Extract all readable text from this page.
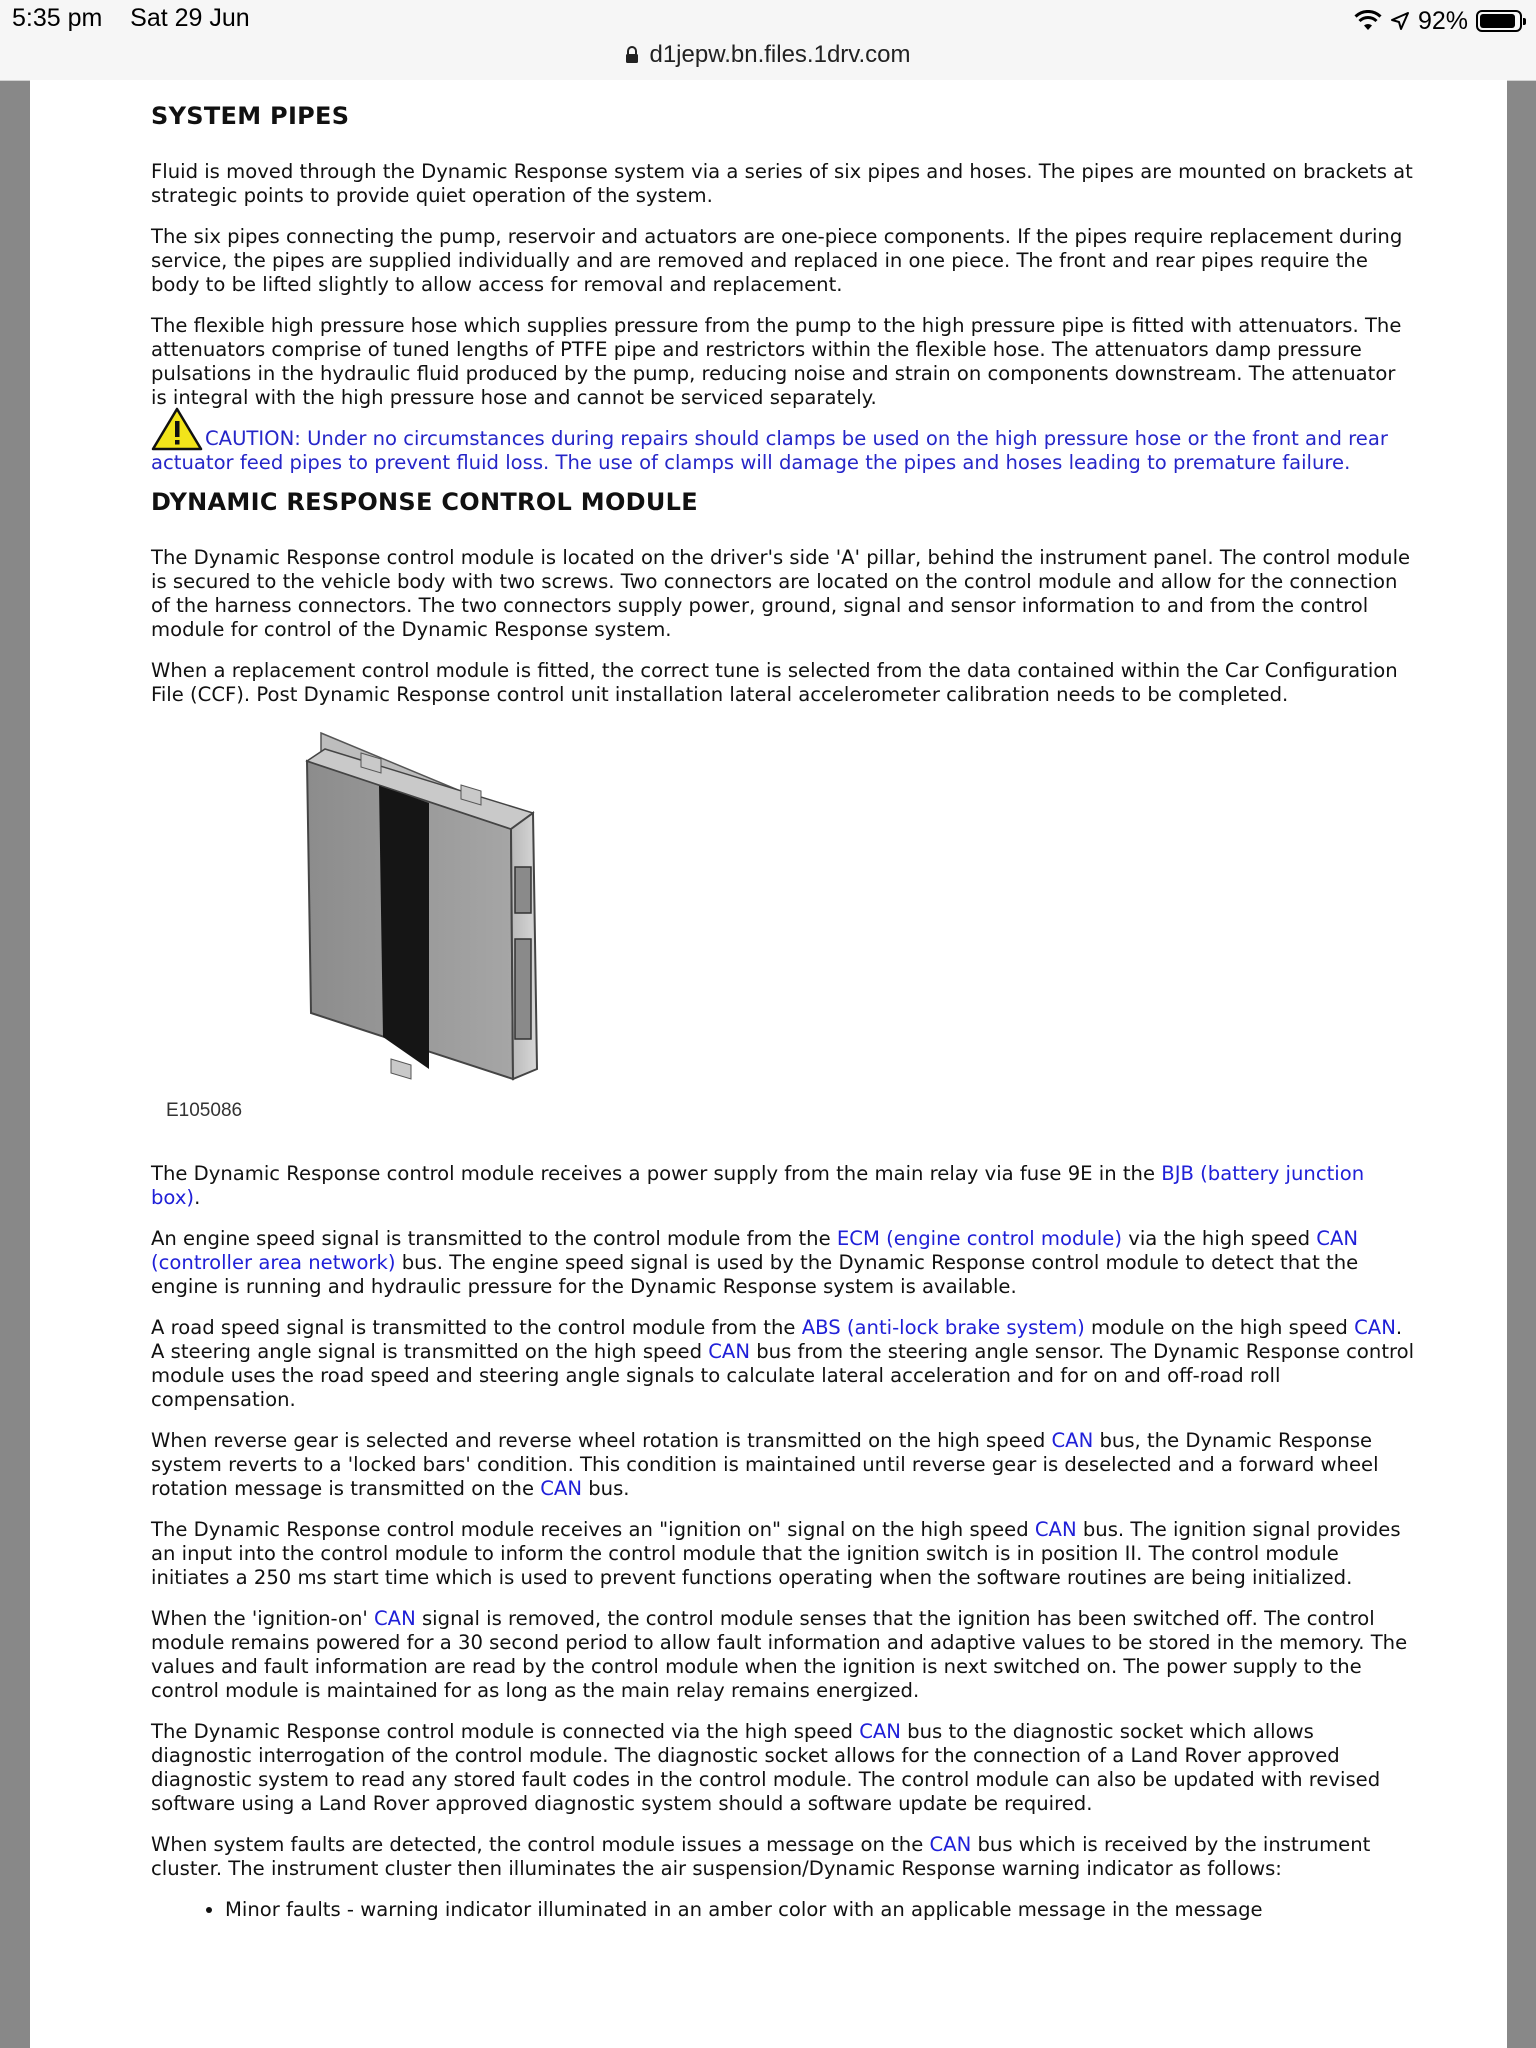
5:35 pm Sat 29 Jun	92%
d1jepw.bn.files.1drv.com
SYSTEM PIPES

Fluid is moved through the Dynamic Response system via a series of six pipes and hoses. The pipes are mounted on brackets at strategic points to provide quiet operation of the system.

The six pipes connecting the pump, reservoir and actuators are one-piece components. If the pipes require replacement during service, the pipes are supplied individually and are removed and replaced in one piece. The front and rear pipes require the body to be lifted slightly to allow access for removal and replacement.

The flexible high pressure hose which supplies pressure from the pump to the high pressure pipe is fitted with attenuators. The attenuators comprise of tuned lengths of PTFE pipe and restrictors within the flexible hose. The attenuators damp pressure pulsations in the hydraulic fluid produced by the pump, reducing noise and strain on components downstream. The attenuator is integral with the high pressure hose and cannot be serviced separately.

CAUTION: Under no circumstances during repairs should clamps be used on the high pressure hose or the front and rear actuator feed pipes to prevent fluid loss. The use of clamps will damage the pipes and hoses leading to premature failure.
DYNAMIC RESPONSE CONTROL MODULE

The Dynamic Response control module is located on the driver's side 'A' pillar, behind the instrument panel. The control module is secured to the vehicle body with two screws. Two connectors are located on the control module and allow for the connection of the harness connectors. The two connectors supply power, ground, signal and sensor information to and from the control module for control of the Dynamic Response system.

When a replacement control module is fitted, the correct tune is selected from the data contained within the Car Configuration File (CCF). Post Dynamic Response control unit installation lateral accelerometer calibration needs to be completed.

E105086

The Dynamic Response control module receives a power supply from the main relay via fuse 9E in the BJB (battery junction box).

An engine speed signal is transmitted to the control module from the ECM (engine control module) via the high speed CAN (controller area network) bus. The engine speed signal is used by the Dynamic Response control module to detect that the engine is running and hydraulic pressure for the Dynamic Response system is available.

A road speed signal is transmitted to the control module from the ABS (anti-lock brake system) module on the high speed CAN. A steering angle signal is transmitted on the high speed CAN bus from the steering angle sensor. The Dynamic Response control module uses the road speed and steering angle signals to calculate lateral acceleration and for on and off-road roll compensation.

When reverse gear is selected and reverse wheel rotation is transmitted on the high speed CAN bus, the Dynamic Response system reverts to a 'locked bars' condition. This condition is maintained until reverse gear is deselected and a forward wheel rotation message is transmitted on the CAN bus.

The Dynamic Response control module receives an "ignition on" signal on the high speed CAN bus. The ignition signal provides an input into the control module to inform the control module that the ignition switch is in position II. The control module initiates a 250 ms start time which is used to prevent functions operating when the software routines are being initialized.

When the 'ignition-on' CAN signal is removed, the control module senses that the ignition has been switched off. The control module remains powered for a 30 second period to allow fault information and adaptive values to be stored in the memory. The values and fault information are read by the control module when the ignition is next switched on. The power supply to the control module is maintained for as long as the main relay remains energized.

The Dynamic Response control module is connected via the high speed CAN bus to the diagnostic socket which allows diagnostic interrogation of the control module. The diagnostic socket allows for the connection of a Land Rover approved diagnostic system to read any stored fault codes in the control module. The control module can also be updated with revised software using a Land Rover approved diagnostic system should a software update be required.

When system faults are detected, the control module issues a message on the CAN bus which is received by the instrument cluster. The instrument cluster then illuminates the air suspension/Dynamic Response warning indicator as follows:

• Minor faults - warning indicator illuminated in an amber color with an applicable message in the message
